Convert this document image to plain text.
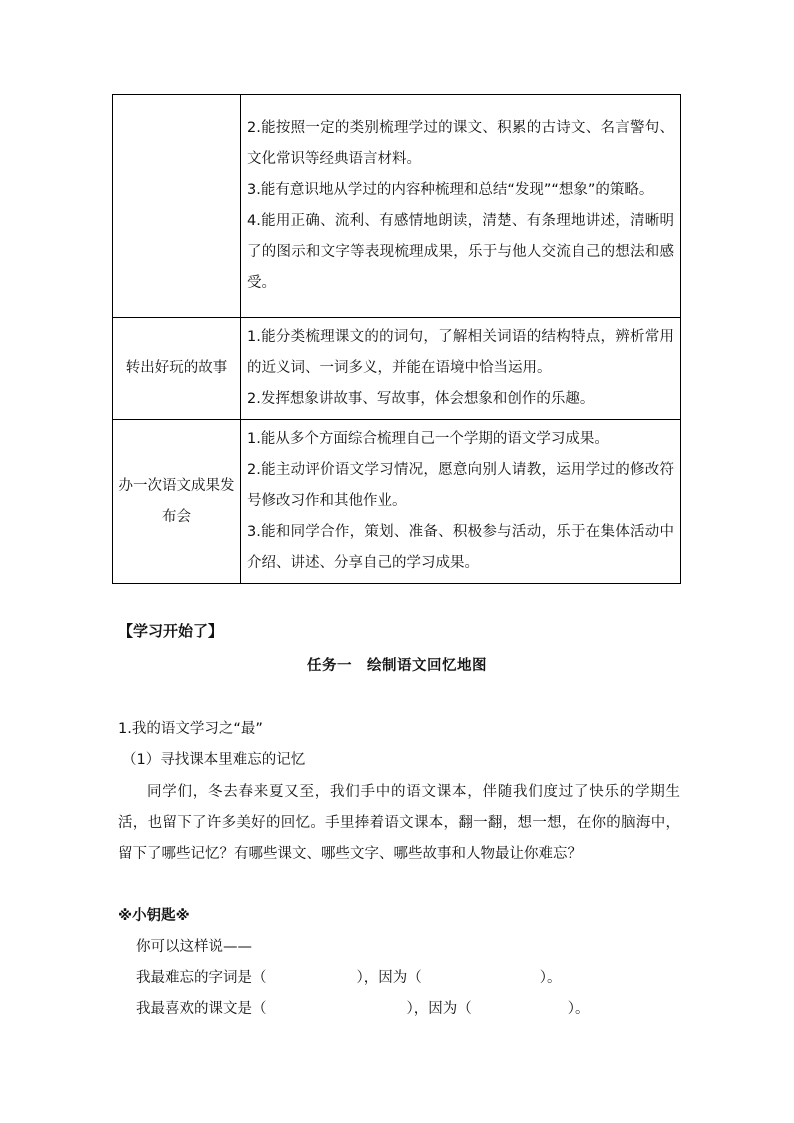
	2.能按照一定的类别梳理学过的课文、积累的古诗文、名言警句、文化常识等经典语言材料。

3.能有意识地从学过的内容种梳理和总结“发现”“想象”的策略。

4.能用正确、流利、有感情地朗读，清楚、有条理地讲述，清晰明了的图示和文字等表现梳理成果，乐于与他人交流自己的想法和感受。

转出好玩的故事	1.能分类梳理课文的的词句，了解相关词语的结构特点，辨析常用的近义词、一词多义，并能在语境中恰当运用。

2.发挥想象讲故事、写故事，体会想象和创作的乐趣。

办一次语文成果发布会	1.能从多个方面综合梳理自己一个学期的语文学习成果。

2.能主动评价语文学习情况，愿意向别人请教，运用学过的修改符号修改习作和其他作业。

3.能和同学合作，策划、准备、积极参与活动，乐于在集体活动中介绍、讲述、分享自己的学习成果。

【学习开始了】
任务一　绘制语文回忆地图
1.我的语文学习之“最”
（1）寻找课本里难忘的记忆

同学们，冬去春来夏又至，我们手中的语文课本，伴随我们度过了快乐的学期生活，也留下了许多美好的回忆。手里捧着语文课本，翻一翻，想一想，在你的脑海中，留下了哪些记忆？有哪些课文、哪些文字、哪些故事和人物最让你难忘？

※小钥匙※
你可以这样说——
我最难忘的字词是（	），因为（	）。
我最喜欢的课文是（	），因为（	）。
